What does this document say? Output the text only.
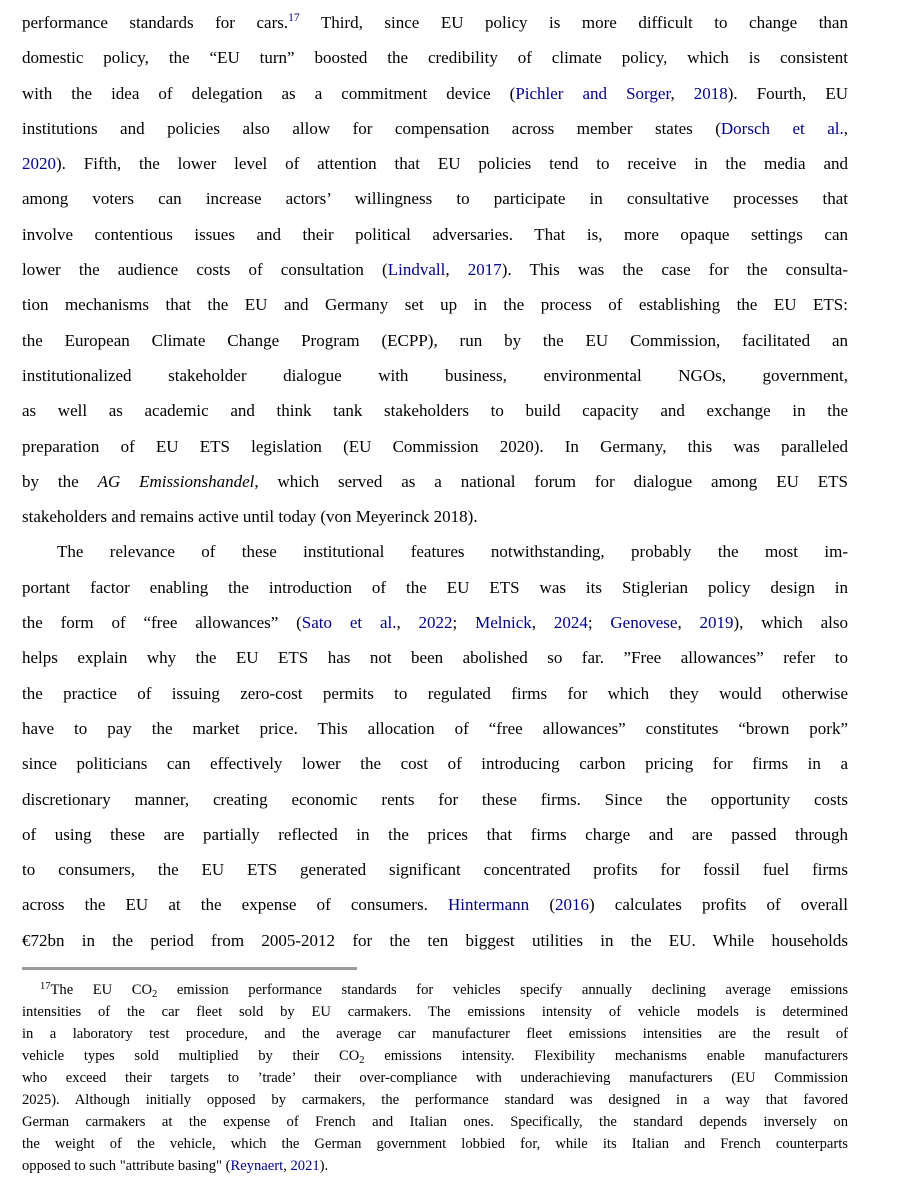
performance standards for cars.$^{17}$ Third, since EU policy is more difficult to change than
domestic policy, the “EU turn” boosted the credibility of climate policy, which is consistent
with the idea of delegation as a commitment device (Pichler and Sorger, 2018). Fourth, EU
institutions and policies also allow for compensation across member states (Dorsch et al.,
2020). Fifth, the lower level of attention that EU policies tend to receive in the media and
among voters can increase actors’ willingness to participate in consultative processes that
involve contentious issues and their political adversaries. That is, more opaque settings can
lower the audience costs of consultation (Lindvall, 2017). This was the case for the consulta-
tion mechanisms that the EU and Germany set up in the process of establishing the EU ETS:
the European Climate Change Program (ECPP), run by the EU Commission, facilitated an
institutionalized stakeholder dialogue with business, environmental NGOs, government,
as well as academic and think tank stakeholders to build capacity and exchange in the
preparation of EU ETS legislation (EU Commission 2020). In Germany, this was paralleled
by the AG Emissionshandel, which served as a national forum for dialogue among EU ETS
stakeholders and remains active until today (von Meyerinck 2018).
The relevance of these institutional features notwithstanding, probably the most im-
portant factor enabling the introduction of the EU ETS was its Stiglerian policy design in
the form of “free allowances” (Sato et al., 2022; Melnick, 2024; Genovese, 2019), which also
helps explain why the EU ETS has not been abolished so far. ”Free allowances” refer to
the practice of issuing zero-cost permits to regulated firms for which they would otherwise
have to pay the market price. This allocation of “free allowances” constitutes “brown pork”
since politicians can effectively lower the cost of introducing carbon pricing for firms in a
discretionary manner, creating economic rents for these firms. Since the opportunity costs
of using these are partially reflected in the prices that firms charge and are passed through
to consumers, the EU ETS generated significant concentrated profits for fossil fuel firms
across the EU at the expense of consumers. Hintermann (2016) calculates profits of overall
€72bn in the period from 2005-2012 for the ten biggest utilities in the EU. While households
$^{17}$The EU $CO_2$ emission performance standards for vehicles specify annually declining average emissions
intensities of the car fleet sold by EU carmakers. The emissions intensity of vehicle models is determined
in a laboratory test procedure, and the average car manufacturer fleet emissions intensities are the result of
vehicle types sold multiplied by their $CO_2$ emissions intensity. Flexibility mechanisms enable manufacturers
who exceed their targets to ’trade’ their over-compliance with underachieving manufacturers (EU Commission
2025). Although initially opposed by carmakers, the performance standard was designed in a way that favored
German carmakers at the expense of French and Italian ones. Specifically, the standard depends inversely on
the weight of the vehicle, which the German government lobbied for, while its Italian and French counterparts
opposed to such "attribute basing" (Reynaert, 2021).
